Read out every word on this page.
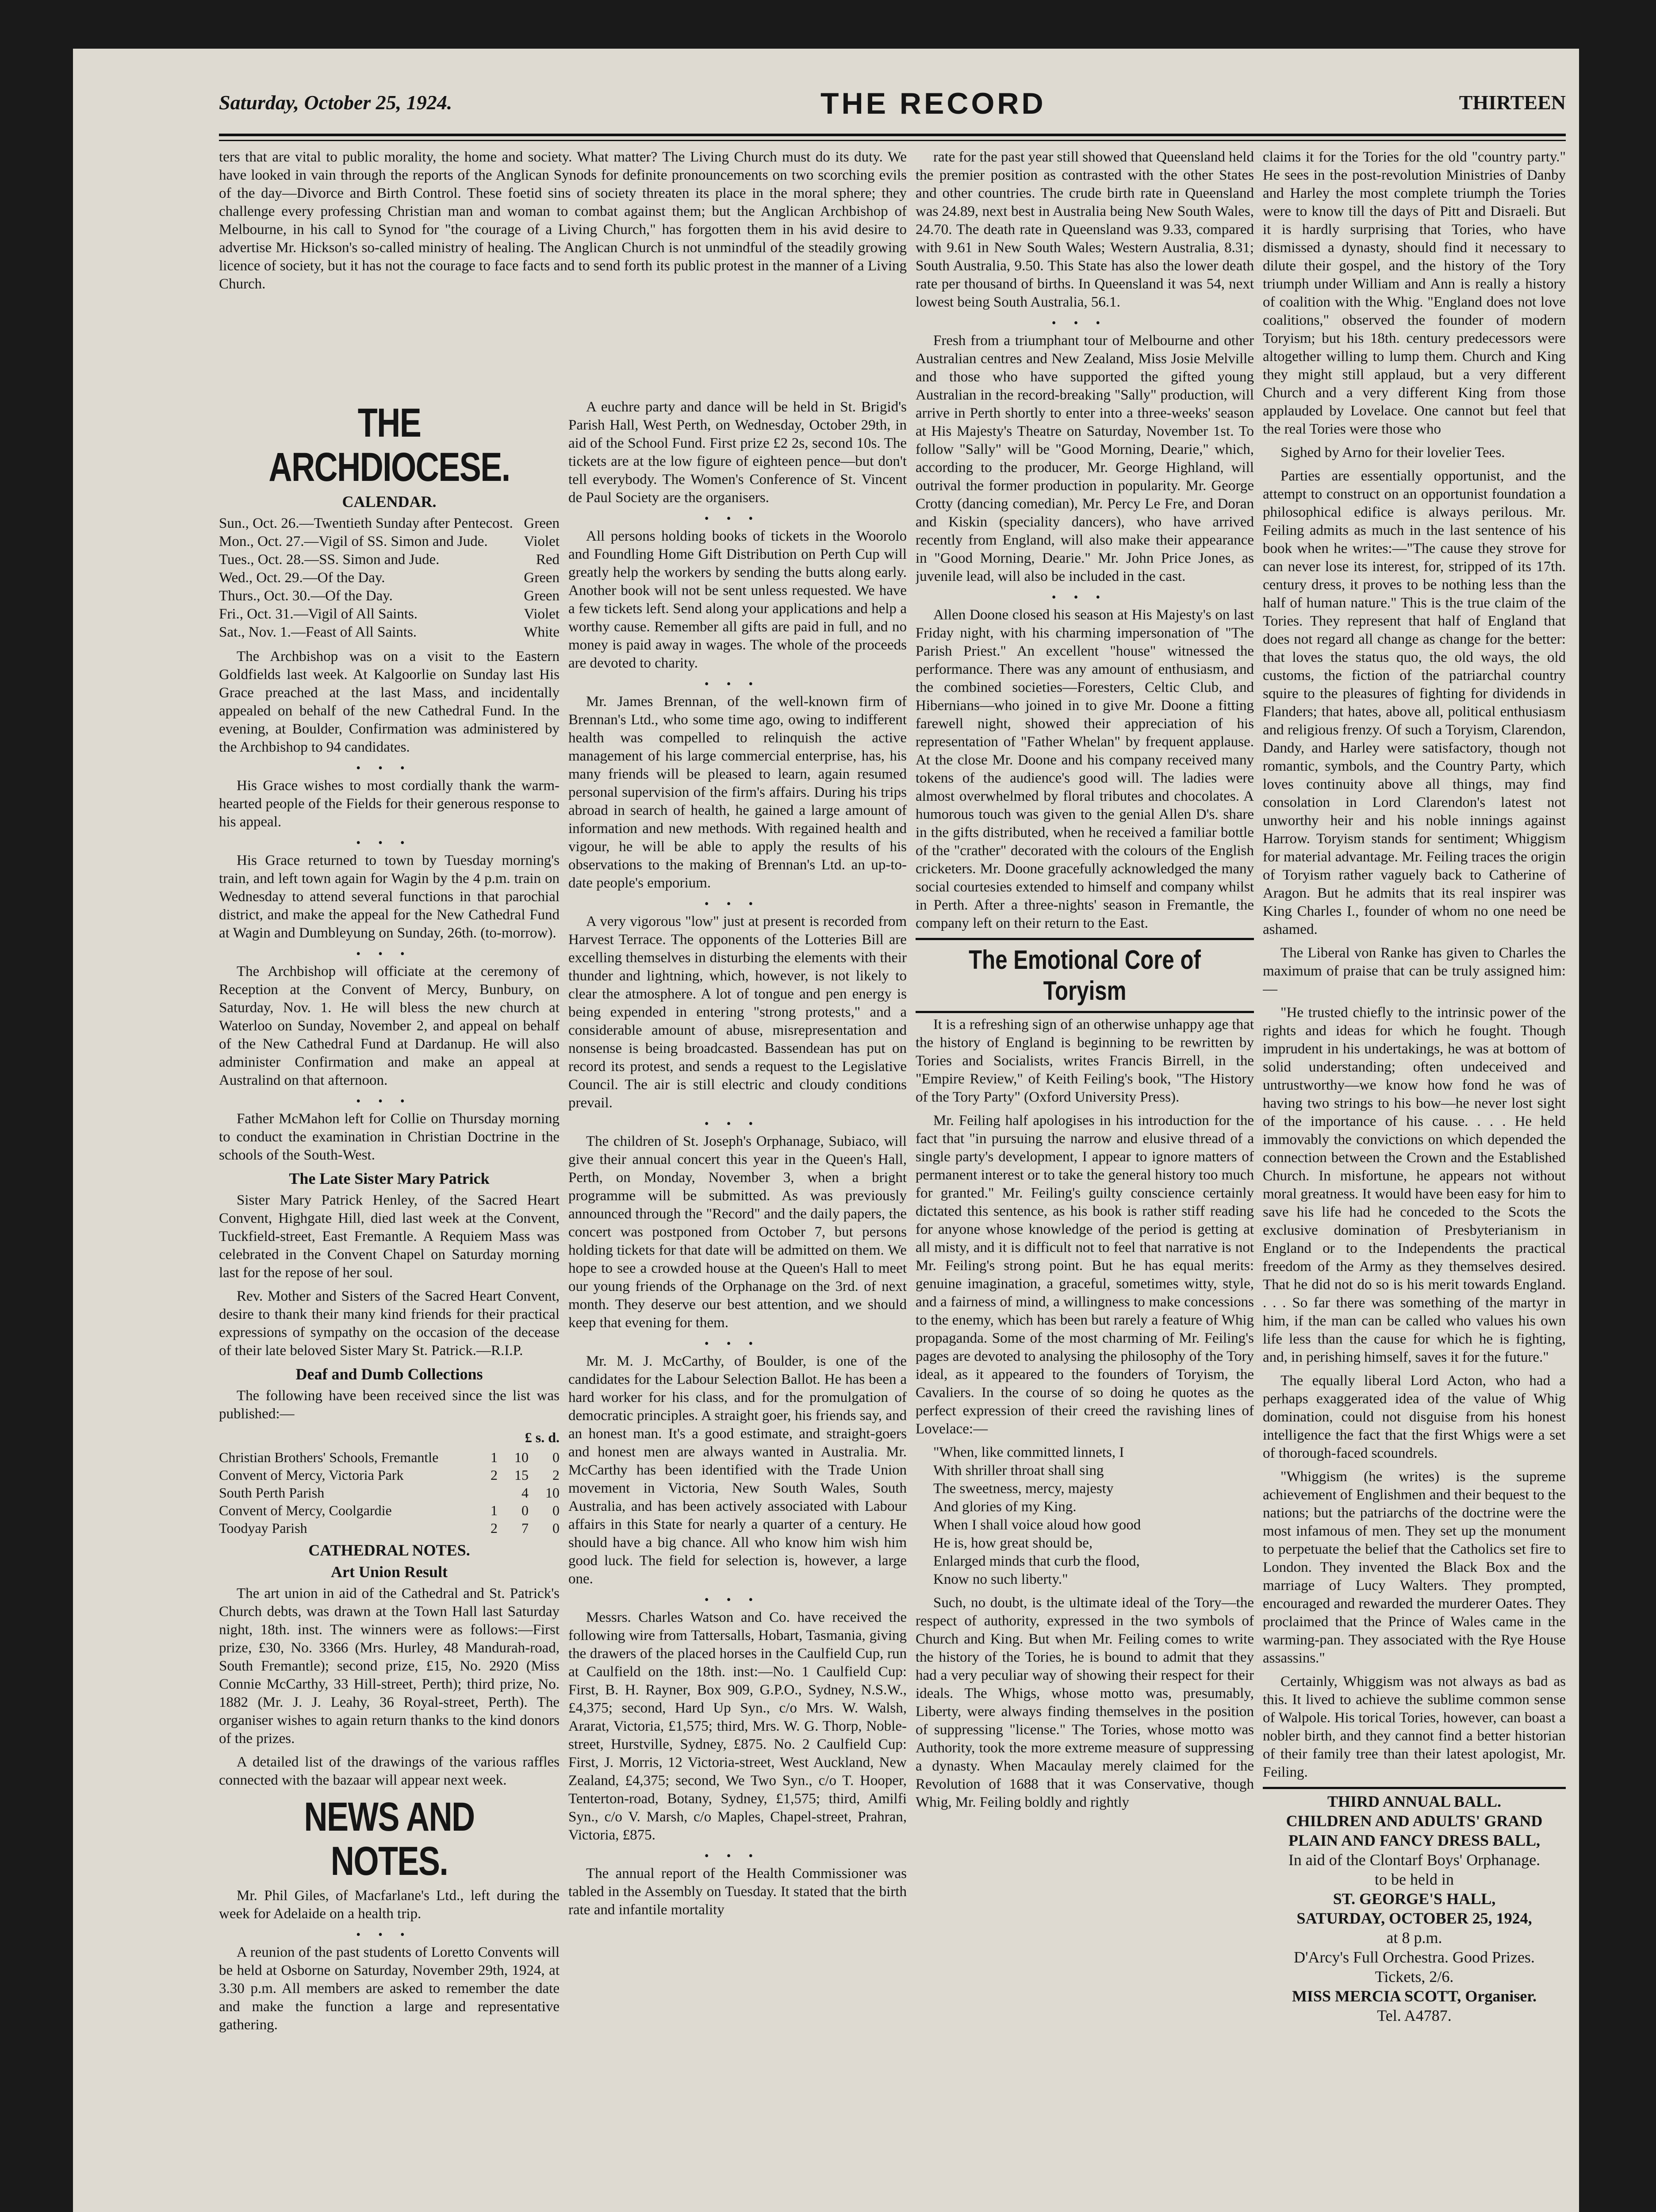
Saturday, October 25, 1924.	THE RECORD	THIRTEEN

ters that are vital to public morality, the home and society. What matter? The Living Church must do its duty. We have looked in vain through the reports of the Anglican Synods for definite pronouncements on two scorching evils of the day—Divorce and Birth Control. These foetid sins of society threaten its place in the moral sphere; they challenge every professing Christian man and woman to combat against them; but the Anglican Archbishop of Melbourne, in his call to Synod for "the courage of a Living Church," has forgotten them in his avid desire to advertise Mr. Hickson's so-called ministry of healing. The Anglican Church is not unmindful of the steadily growing licence of society, but it has not the courage to face facts and to send forth its public protest in the manner of a Living Church.

THE ARCHDIOCESE.
CALENDAR.
Sun., Oct. 26.—Twentieth Sunday after Pentecost. Green
Mon., Oct. 27.—Vigil of SS. Simon and Jude. Violet
Tues., Oct. 28.—SS. Simon and Jude.	Red
Wed., Oct. 29.—Of the Day.	Green
Thurs., Oct. 30.—Of the Day.	Green
Fri., Oct. 31.—Vigil of All Saints.	Violet
Sat., Nov. 1.—Feast of All Saints.	White

The Archbishop was on a visit to the Eastern Goldfields last week. At Kalgoorlie on Sunday last His Grace preached at the last Mass, and incidentally appealed on behalf of the new Cathedral Fund. In the evening, at Boulder, Confirmation was administered by the Archbishop to 94 candidates.

•••

His Grace wishes to most cordially thank the warm-hearted people of the Fields for their generous response to his appeal.

•••

His Grace returned to town by Tuesday morning's train, and left town again for Wagin by the 4 p.m. train on Wednesday to attend several functions in that parochial district, and make the appeal for the New Cathedral Fund at Wagin and Dumbleyung on Sunday, 26th. (to-morrow).

•••

The Archbishop will officiate at the ceremony of Reception at the Convent of Mercy, Bunbury, on Saturday, Nov. 1. He will bless the new church at Waterloo on Sunday, November 2, and appeal on behalf of the New Cathedral Fund at Dardanup. He will also administer Confirmation and make an appeal at Australind on that afternoon.

•••

Father McMahon left for Collie on Thursday morning to conduct the examination in Christian Doctrine in the schools of the South-West.

The Late Sister Mary Patrick

Sister Mary Patrick Henley, of the Sacred Heart Convent, Highgate Hill, died last week at the Convent, Tuckfield-street, East Fremantle. A Requiem Mass was celebrated in the Convent Chapel on Saturday morning last for the repose of her soul.

Rev. Mother and Sisters of the Sacred Heart Convent, desire to thank their many kind friends for their practical expressions of sympathy on the occasion of the decease of their late beloved Sister Mary St. Patrick.—R.I.P.

Deaf and Dumb Collections

The following have been received since the list was published:—

£ s. d.
Christian Brothers' Schools, Fremantle	1	10	0
Convent of Mercy, Victoria Park	2	15	2
South Perth Parish		4	10
Convent of Mercy, Coolgardie	1	0	0
Toodyay Parish	2	7	0
CATHEDRAL NOTES.
Art Union Result

The art union in aid of the Cathedral and St. Patrick's Church debts, was drawn at the Town Hall last Saturday night, 18th. inst. The winners were as follows:—First prize, £30, No. 3366 (Mrs. Hurley, 48 Mandurah-road, South Fremantle); second prize, £15, No. 2920 (Miss Connie McCarthy, 33 Hill-street, Perth); third prize, No. 1882 (Mr. J. J. Leahy, 36 Royal-street, Perth). The organiser wishes to again return thanks to the kind donors of the prizes.

A detailed list of the drawings of the various raffles connected with the bazaar will appear next week.

NEWS AND NOTES.

Mr. Phil Giles, of Macfarlane's Ltd., left during the week for Adelaide on a health trip.

•••

A reunion of the past students of Loretto Convents will be held at Osborne on Saturday, November 29th, 1924, at 3.30 p.m. All members are asked to remember the date and make the function a large and representative gathering.

A euchre party and dance will be held in St. Brigid's Parish Hall, West Perth, on Wednesday, October 29th, in aid of the School Fund. First prize £2 2s, second 10s. The tickets are at the low figure of eighteen pence—but don't tell everybody. The Women's Conference of St. Vincent de Paul Society are the organisers.

•••

All persons holding books of tickets in the Woorolo and Foundling Home Gift Distribution on Perth Cup will greatly help the workers by sending the butts along early. Another book will not be sent unless requested. We have a few tickets left. Send along your applications and help a worthy cause. Remember all gifts are paid in full, and no money is paid away in wages. The whole of the proceeds are devoted to charity.

•••

Mr. James Brennan, of the well-known firm of Brennan's Ltd., who some time ago, owing to indifferent health was compelled to relinquish the active management of his large commercial enterprise, has, his many friends will be pleased to learn, again resumed personal supervision of the firm's affairs. During his trips abroad in search of health, he gained a large amount of information and new methods. With regained health and vigour, he will be able to apply the results of his observations to the making of Brennan's Ltd. an up-to-date people's emporium.

•••

A very vigorous "low" just at present is recorded from Harvest Terrace. The opponents of the Lotteries Bill are excelling themselves in disturbing the elements with their thunder and lightning, which, however, is not likely to clear the atmosphere. A lot of tongue and pen energy is being expended in entering "strong protests," and a considerable amount of abuse, misrepresentation and nonsense is being broadcasted. Bassendean has put on record its protest, and sends a request to the Legislative Council. The air is still electric and cloudy conditions prevail.

•••

The children of St. Joseph's Orphanage, Subiaco, will give their annual concert this year in the Queen's Hall, Perth, on Monday, November 3, when a bright programme will be submitted. As was previously announced through the "Record" and the daily papers, the concert was postponed from October 7, but persons holding tickets for that date will be admitted on them. We hope to see a crowded house at the Queen's Hall to meet our young friends of the Orphanage on the 3rd. of next month. They deserve our best attention, and we should keep that evening for them.

•••

Mr. M. J. McCarthy, of Boulder, is one of the candidates for the Labour Selection Ballot. He has been a hard worker for his class, and for the promulgation of democratic principles. A straight goer, his friends say, and an honest man. It's a good estimate, and straight-goers and honest men are always wanted in Australia. Mr. McCarthy has been identified with the Trade Union movement in Victoria, New South Wales, South Australia, and has been actively associated with Labour affairs in this State for nearly a quarter of a century. He should have a big chance. All who know him wish him good luck. The field for selection is, however, a large one.

•••

Messrs. Charles Watson and Co. have received the following wire from Tattersalls, Hobart, Tasmania, giving the drawers of the placed horses in the Caulfield Cup, run at Caulfield on the 18th. inst:—No. 1 Caulfield Cup: First, B. H. Rayner, Box 909, G.P.O., Sydney, N.S.W., £4,375; second, Hard Up Syn., c/o Mrs. W. Walsh, Ararat, Victoria, £1,575; third, Mrs. W. G. Thorp, Noble-street, Hurstville, Sydney, £875. No. 2 Caulfield Cup: First, J. Morris, 12 Victoria-street, West Auckland, New Zealand, £4,375; second, We Two Syn., c/o T. Hooper, Tenterton-road, Botany, Sydney, £1,575; third, Amilfi Syn., c/o V. Marsh, c/o Maples, Chapel-street, Prahran, Victoria, £875.

•••

The annual report of the Health Commissioner was tabled in the Assembly on Tuesday. It stated that the birth rate and infantile mortality

rate for the past year still showed that Queensland held the premier position as contrasted with the other States and other countries. The crude birth rate in Queensland was 24.89, next best in Australia being New South Wales, 24.70. The death rate in Queensland was 9.33, compared with 9.61 in New South Wales; Western Australia, 8.31; South Australia, 9.50. This State has also the lower death rate per thousand of births. In Queensland it was 54, next lowest being South Australia, 56.1.

•••

Fresh from a triumphant tour of Melbourne and other Australian centres and New Zealand, Miss Josie Melville and those who have supported the gifted young Australian in the record-breaking "Sally" production, will arrive in Perth shortly to enter into a three-weeks' season at His Majesty's Theatre on Saturday, November 1st. To follow "Sally" will be "Good Morning, Dearie," which, according to the producer, Mr. George Highland, will outrival the former production in popularity. Mr. George Crotty (dancing comedian), Mr. Percy Le Fre, and Doran and Kiskin (speciality dancers), who have arrived recently from England, will also make their appearance in "Good Morning, Dearie." Mr. John Price Jones, as juvenile lead, will also be included in the cast.

•••

Allen Doone closed his season at His Majesty's on last Friday night, with his charming impersonation of "The Parish Priest." An excellent "house" witnessed the performance. There was any amount of enthusiasm, and the combined societies—Foresters, Celtic Club, and Hibernians—who joined in to give Mr. Doone a fitting farewell night, showed their appreciation of his representation of "Father Whelan" by frequent applause. At the close Mr. Doone and his company received many tokens of the audience's good will. The ladies were almost overwhelmed by floral tributes and chocolates. A humorous touch was given to the genial Allen D's. share in the gifts distributed, when he received a familiar bottle of the "crather" decorated with the colours of the English cricketers. Mr. Doone gracefully acknowledged the many social courtesies extended to himself and company whilst in Perth. After a three-nights' season in Fremantle, the company left on their return to the East.

The Emotional Core of Toryism

It is a refreshing sign of an otherwise unhappy age that the history of England is beginning to be rewritten by Tories and Socialists, writes Francis Birrell, in the "Empire Review," of Keith Feiling's book, "The History of the Tory Party" (Oxford University Press).

Mr. Feiling half apologises in his introduction for the fact that "in pursuing the narrow and elusive thread of a single party's development, I appear to ignore matters of permanent interest or to take the general history too much for granted." Mr. Feiling's guilty conscience certainly dictated this sentence, as his book is rather stiff reading for anyone whose knowledge of the period is getting at all misty, and it is difficult not to feel that narrative is not Mr. Feiling's strong point. But he has equal merits: genuine imagination, a graceful, sometimes witty, style, and a fairness of mind, a willingness to make concessions to the enemy, which has been but rarely a feature of Whig propaganda. Some of the most charming of Mr. Feiling's pages are devoted to analysing the philosophy of the Tory ideal, as it appeared to the founders of Toryism, the Cavaliers. In the course of so doing he quotes as the perfect expression of their creed the ravishing lines of Lovelace:—

"When, like committed linnets, I
With shriller throat shall sing
The sweetness, mercy, majesty
And glories of my King.
When I shall voice aloud how good
He is, how great should be,
Enlarged minds that curb the flood,
Know no such liberty."

Such, no doubt, is the ultimate ideal of the Tory—the respect of authority, expressed in the two symbols of Church and King. But when Mr. Feiling comes to write the history of the Tories, he is bound to admit that they had a very peculiar way of showing their respect for their ideals. The Whigs, whose motto was, presumably, Liberty, were always finding themselves in the position of suppressing "license." The Tories, whose motto was Authority, took the more extreme measure of suppressing a dynasty. When Macaulay merely claimed for the Revolution of 1688 that it was Conservative, though Whig, Mr. Feiling boldly and rightly

claims it for the Tories for the old "country party." He sees in the post-revolution Ministries of Danby and Harley the most complete triumph the Tories were to know till the days of Pitt and Disraeli. But it is hardly surprising that Tories, who have dismissed a dynasty, should find it necessary to dilute their gospel, and the history of the Tory triumph under William and Ann is really a history of coalition with the Whig. "England does not love coalitions," observed the founder of modern Toryism; but his 18th. century predecessors were altogether willing to lump them. Church and King they might still applaud, but a very different Church and a very different King from those applauded by Lovelace. One cannot but feel that the real Tories were those who

Sighed by Arno for their lovelier Tees.

Parties are essentially opportunist, and the attempt to construct on an opportunist foundation a philosophical edifice is always perilous. Mr. Feiling admits as much in the last sentence of his book when he writes:—"The cause they strove for can never lose its interest, for, stripped of its 17th. century dress, it proves to be nothing less than the half of human nature." This is the true claim of the Tories. They represent that half of England that does not regard all change as change for the better: that loves the status quo, the old ways, the old customs, the fiction of the patriarchal country squire to the pleasures of fighting for dividends in Flanders; that hates, above all, political enthusiasm and religious frenzy. Of such a Toryism, Clarendon, Dandy, and Harley were satisfactory, though not romantic, symbols, and the Country Party, which loves continuity above all things, may find consolation in Lord Clarendon's latest not unworthy heir and his noble innings against Harrow. Toryism stands for sentiment; Whiggism for material advantage. Mr. Feiling traces the origin of Toryism rather vaguely back to Catherine of Aragon. But he admits that its real inspirer was King Charles I., founder of whom no one need be ashamed.

The Liberal von Ranke has given to Charles the maximum of praise that can be truly assigned him:—

"He trusted chiefly to the intrinsic power of the rights and ideas for which he fought. Though imprudent in his undertakings, he was at bottom of solid understanding; often undeceived and untrustworthy—we know how fond he was of having two strings to his bow—he never lost sight of the importance of his cause. . . . He held immovably the convictions on which depended the connection between the Crown and the Established Church. In misfortune, he appears not without moral greatness. It would have been easy for him to save his life had he conceded to the Scots the exclusive domination of Presbyterianism in England or to the Independents the practical freedom of the Army as they themselves desired. That he did not do so is his merit towards England. . . . So far there was something of the martyr in him, if the man can be called who values his own life less than the cause for which he is fighting, and, in perishing himself, saves it for the future."

The equally liberal Lord Acton, who had a perhaps exaggerated idea of the value of Whig domination, could not disguise from his honest intelligence the fact that the first Whigs were a set of thorough-faced scoundrels.

"Whiggism (he writes) is the supreme achievement of Englishmen and their bequest to the nations; but the patriarchs of the doctrine were the most infamous of men. They set up the monument to perpetuate the belief that the Catholics set fire to London. They invented the Black Box and the marriage of Lucy Walters. They prompted, encouraged and rewarded the murderer Oates. They proclaimed that the Prince of Wales came in the warming-pan. They associated with the Rye House assassins."

Certainly, Whiggism was not always as bad as this. It lived to achieve the sublime common sense of Walpole. His torical Tories, however, can boast a nobler birth, and they cannot find a better historian of their family tree than their latest apologist, Mr. Feiling.

THIRD ANNUAL BALL.
CHILDREN AND ADULTS' GRAND PLAIN AND FANCY DRESS BALL,
In aid of the Clontarf Boys' Orphanage.
to be held in
ST. GEORGE'S HALL,
SATURDAY, OCTOBER 25, 1924,
at 8 p.m.
D'Arcy's Full Orchestra. Good Prizes.
Tickets, 2/6.
MISS MERCIA SCOTT, Organiser.
Tel. A4787.
